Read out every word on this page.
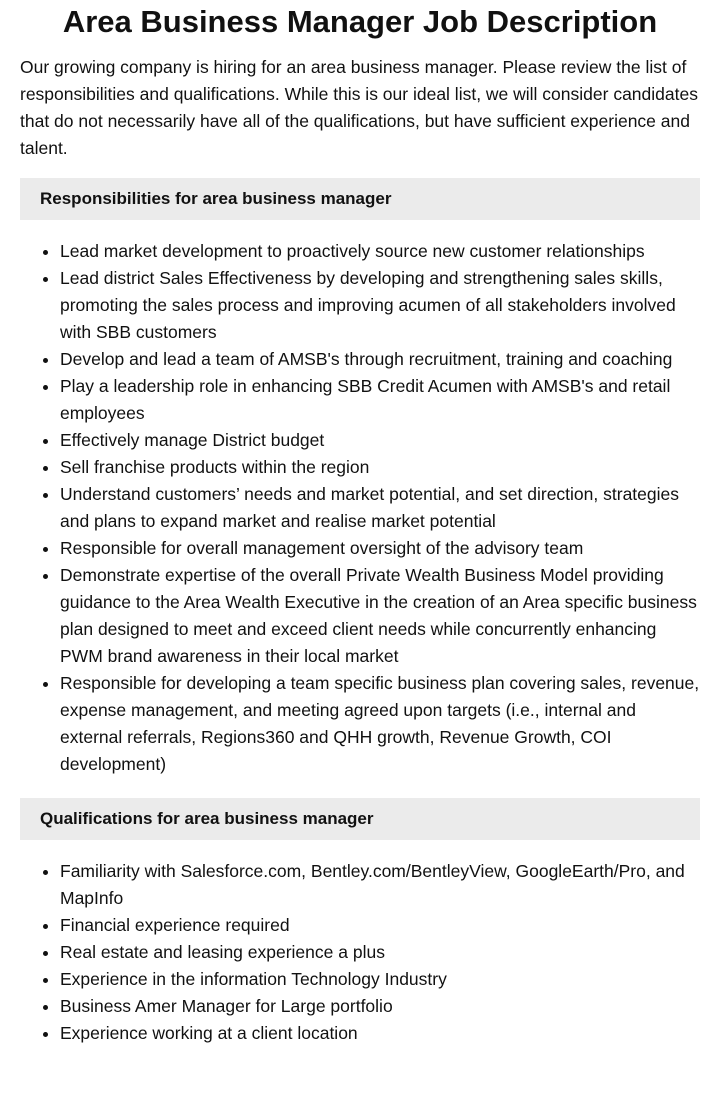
Area Business Manager Job Description

Our growing company is hiring for an area business manager. Please review the list of responsibilities and qualifications. While this is our ideal list, we will consider candidates that do not necessarily have all of the qualifications, but have sufficient experience and talent.

Responsibilities for area business manager
• Lead market development to proactively source new customer relationships
• Lead district Sales Effectiveness by developing and strengthening sales skills, promoting the sales process and improving acumen of all stakeholders involved with SBB customers
• Develop and lead a team of AMSB's through recruitment, training and coaching
• Play a leadership role in enhancing SBB Credit Acumen with AMSB's and retail employees
• Effectively manage District budget
• Sell franchise products within the region
• Understand customers’ needs and market potential, and set direction, strategies and plans to expand market and realise market potential
• Responsible for overall management oversight of the advisory team
• Demonstrate expertise of the overall Private Wealth Business Model providing guidance to the Area Wealth Executive in the creation of an Area specific business plan designed to meet and exceed client needs while concurrently enhancing PWM brand awareness in their local market
• Responsible for developing a team specific business plan covering sales, revenue, expense management, and meeting agreed upon targets (i.e., internal and external referrals, Regions360 and QHH growth, Revenue Growth, COI development)
Qualifications for area business manager
• Familiarity with Salesforce.com, Bentley.com/BentleyView, GoogleEarth/Pro, and MapInfo
• Financial experience required
• Real estate and leasing experience a plus
• Experience in the information Technology Industry
• Business Amer Manager for Large portfolio
• Experience working at a client location
